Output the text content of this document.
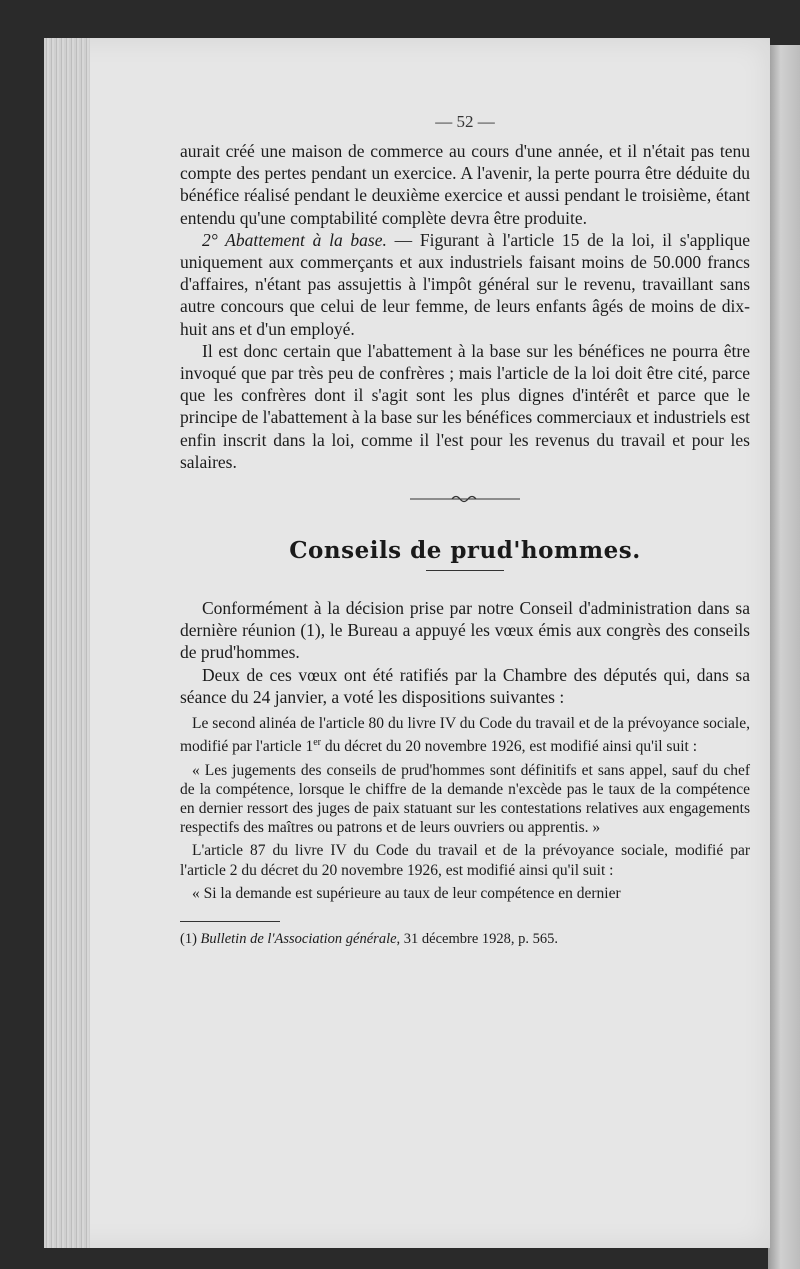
— 52 —

aurait créé une maison de commerce au cours d'une année, et il n'était pas tenu compte des pertes pendant un exercice. A l'avenir, la perte pourra être déduite du bénéfice réalisé pendant le deuxième exercice et aussi pendant le troisième, étant entendu qu'une comptabilité complète devra être produite.

2° Abattement à la base. — Figurant à l'article 15 de la loi, il s'applique uniquement aux commerçants et aux industriels faisant moins de 50.000 francs d'affaires, n'étant pas assujettis à l'impôt général sur le revenu, travaillant sans autre concours que celui de leur femme, de leurs enfants âgés de moins de dix-huit ans et d'un employé.

Il est donc certain que l'abattement à la base sur les bénéfices ne pourra être invoqué que par très peu de confrères ; mais l'article de la loi doit être cité, parce que les confrères dont il s'agit sont les plus dignes d'intérêt et parce que le principe de l'abattement à la base sur les bénéfices commerciaux et industriels est enfin inscrit dans la loi, comme il l'est pour les revenus du travail et pour les salaires.

Conseils de prud'hommes.

Conformément à la décision prise par notre Conseil d'administration dans sa dernière réunion (1), le Bureau a appuyé les vœux émis aux congrès des conseils de prud'hommes.

Deux de ces vœux ont été ratifiés par la Chambre des députés qui, dans sa séance du 24 janvier, a voté les dispositions suivantes :

Le second alinéa de l'article 80 du livre IV du Code du travail et de la prévoyance sociale, modifié par l'article 1er du décret du 20 novembre 1926, est modifié ainsi qu'il suit :

« Les jugements des conseils de prud'hommes sont définitifs et sans appel, sauf du chef de la compétence, lorsque le chiffre de la demande n'excède pas le taux de la compétence en dernier ressort des juges de paix statuant sur les contestations relatives aux engagements respectifs des maîtres ou patrons et de leurs ouvriers ou apprentis. »

L'article 87 du livre IV du Code du travail et de la prévoyance sociale, modifié par l'article 2 du décret du 20 novembre 1926, est modifié ainsi qu'il suit :

« Si la demande est supérieure au taux de leur compétence en dernier

(1) Bulletin de l'Association générale, 31 décembre 1928, p. 565.
